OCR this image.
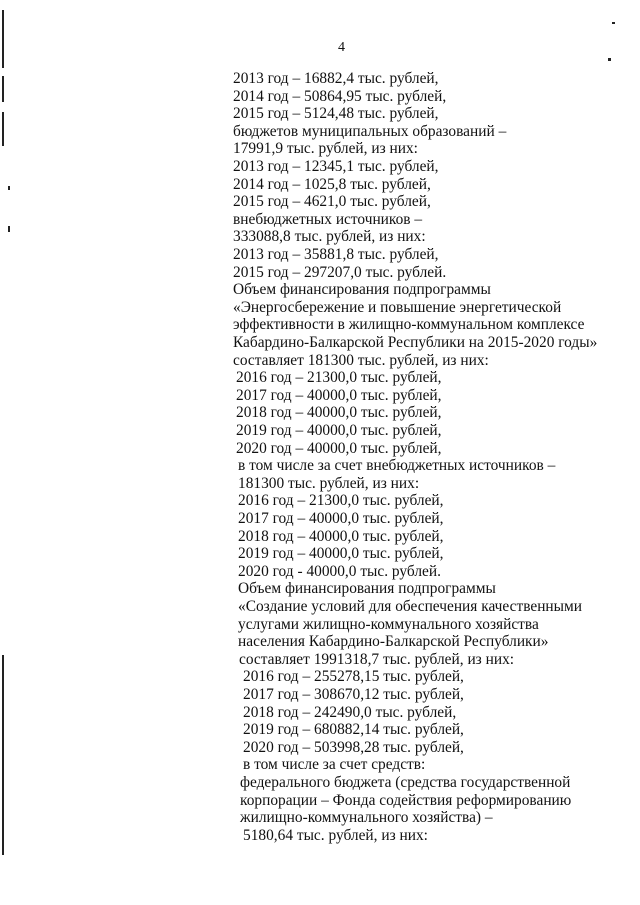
4
2013 год – 16882,4 тыс. рублей,
2014 год – 50864,95 тыс. рублей,
2015 год – 5124,48 тыс. рублей,
бюджетов муниципальных образований –
17991,9 тыс. рублей, из них:
2013 год – 12345,1 тыс. рублей,
2014 год – 1025,8 тыс. рублей,
2015 год – 4621,0 тыс. рублей,
внебюджетных источников –
333088,8 тыс. рублей, из них:
2013 год – 35881,8 тыс. рублей,
2015 год – 297207,0 тыс. рублей.
Объем финансирования подпрограммы
«Энергосбережение и повышение энергетической
эффективности в жилищно-коммунальном комплексе
Кабардино-Балкарской Республики на 2015-2020 годы»
составляет 181300 тыс. рублей, из них:
2016 год – 21300,0 тыс. рублей,
2017 год – 40000,0 тыс. рублей,
2018 год – 40000,0 тыс. рублей,
2019 год – 40000,0 тыс. рублей,
2020 год – 40000,0 тыс. рублей,
в том числе за счет внебюджетных источников –
181300 тыс. рублей, из них:
2016 год – 21300,0 тыс. рублей,
2017 год – 40000,0 тыс. рублей,
2018 год – 40000,0 тыс. рублей,
2019 год – 40000,0 тыс. рублей,
2020 год - 40000,0 тыс. рублей.
Объем финансирования подпрограммы
«Создание условий для обеспечения качественными
услугами жилищно-коммунального хозяйства
населения Кабардино-Балкарской Республики»
составляет 1991318,7 тыс. рублей, из них:
2016 год – 255278,15 тыс. рублей,
2017 год – 308670,12 тыс. рублей,
2018 год – 242490,0 тыс. рублей,
2019 год – 680882,14 тыс. рублей,
2020 год – 503998,28 тыс. рублей,
в том числе за счет средств:
федерального бюджета (средства государственной
корпорации – Фонда содействия реформированию
жилищно-коммунального хозяйства) –
5180,64 тыс. рублей, из них:
